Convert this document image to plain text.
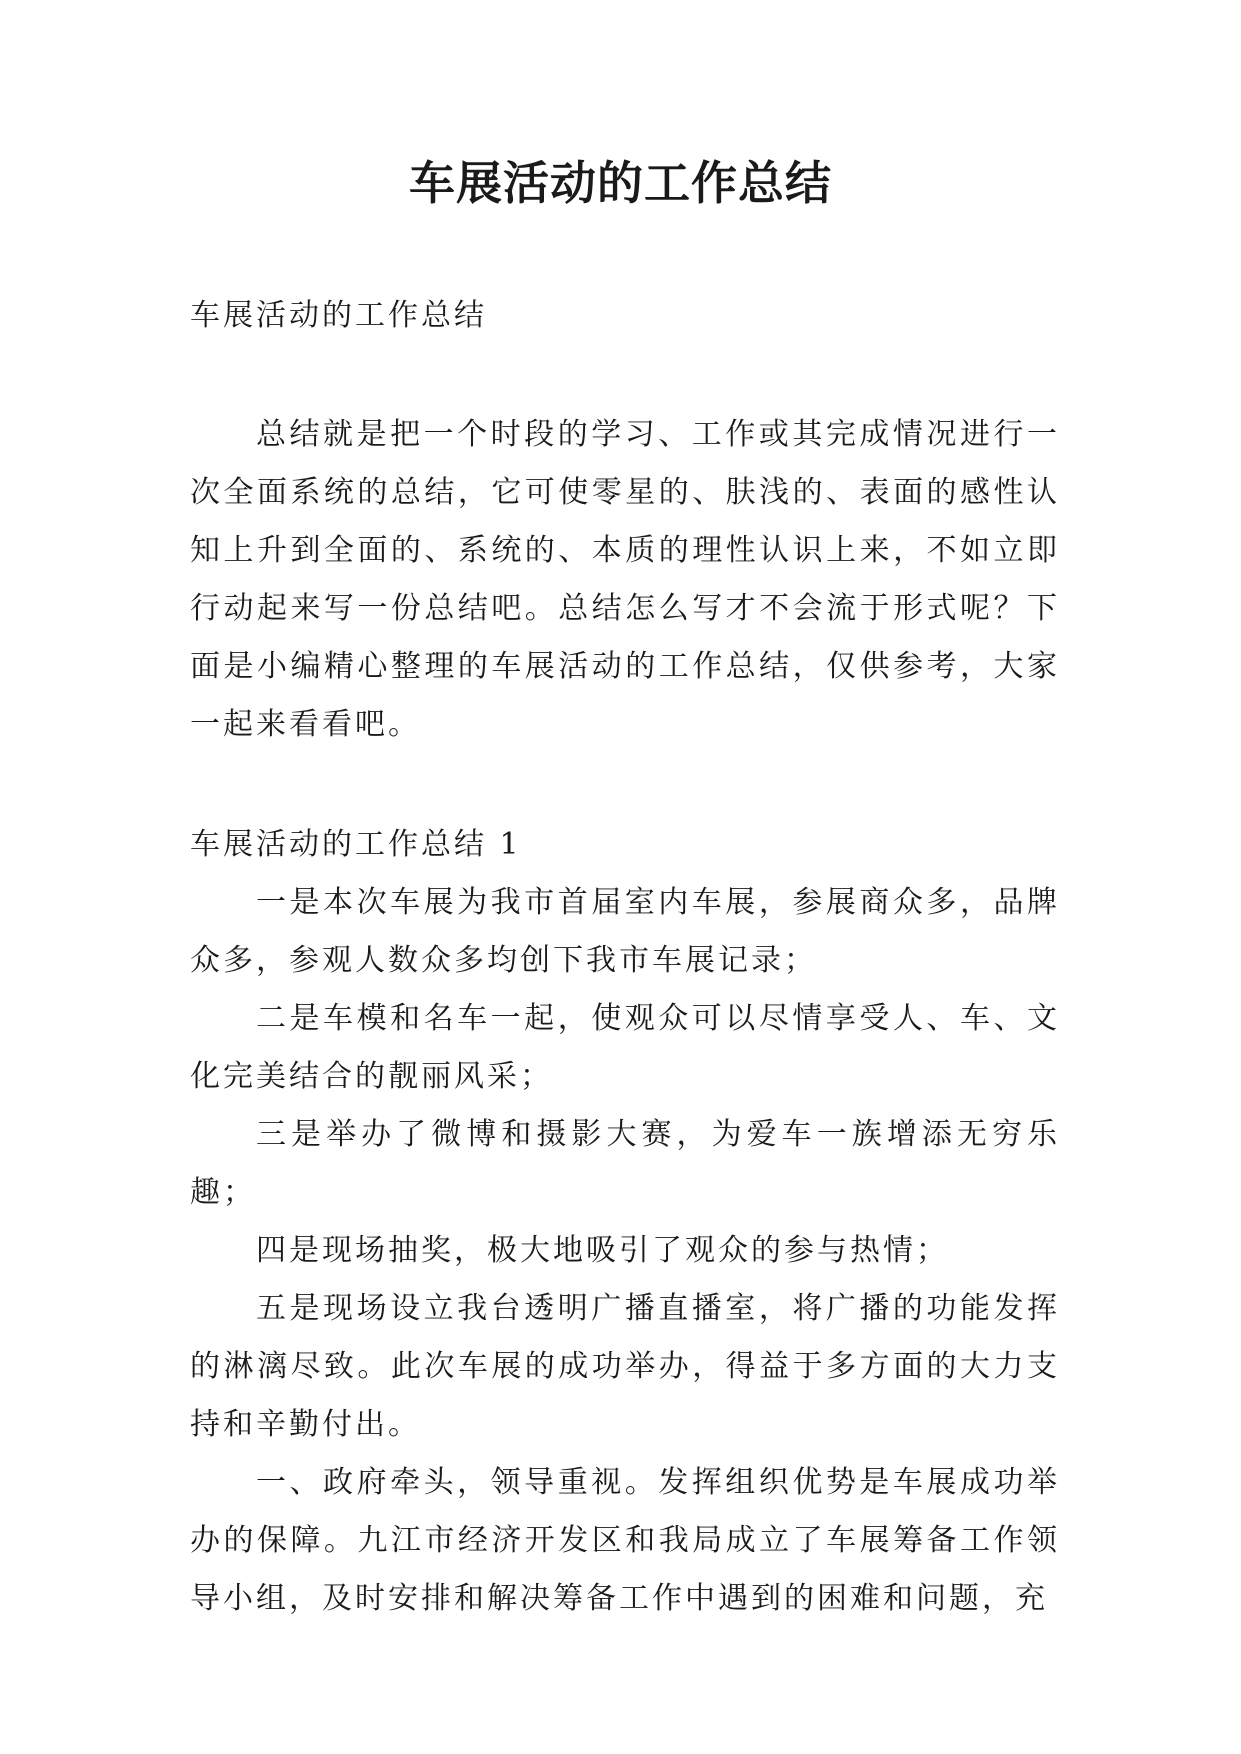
车展活动的工作总结

车展活动的工作总结

总结就是把一个时段的学习、工作或其完成情况进行一次全面系统的总结，它可使零星的、肤浅的、表面的感性认知上升到全面的、系统的、本质的理性认识上来，不如立即行动起来写一份总结吧。总结怎么写才不会流于形式呢？下面是小编精心整理的车展活动的工作总结，仅供参考，大家一起来看看吧。

车展活动的工作总结 1

一是本次车展为我市首届室内车展，参展商众多，品牌众多，参观人数众多均创下我市车展记录；

二是车模和名车一起，使观众可以尽情享受人、车、文化完美结合的靓丽风采；

三是举办了微博和摄影大赛，为爱车一族增添无穷乐趣；

四是现场抽奖，极大地吸引了观众的参与热情；

五是现场设立我台透明广播直播室，将广播的功能发挥的淋漓尽致。此次车展的成功举办，得益于多方面的大力支持和辛勤付出。

一、政府牵头，领导重视。发挥组织优势是车展成功举办的保障。九江市经济开发区和我局成立了车展筹备工作领导小组，及时安排和解决筹备工作中遇到的困难和问题，充
